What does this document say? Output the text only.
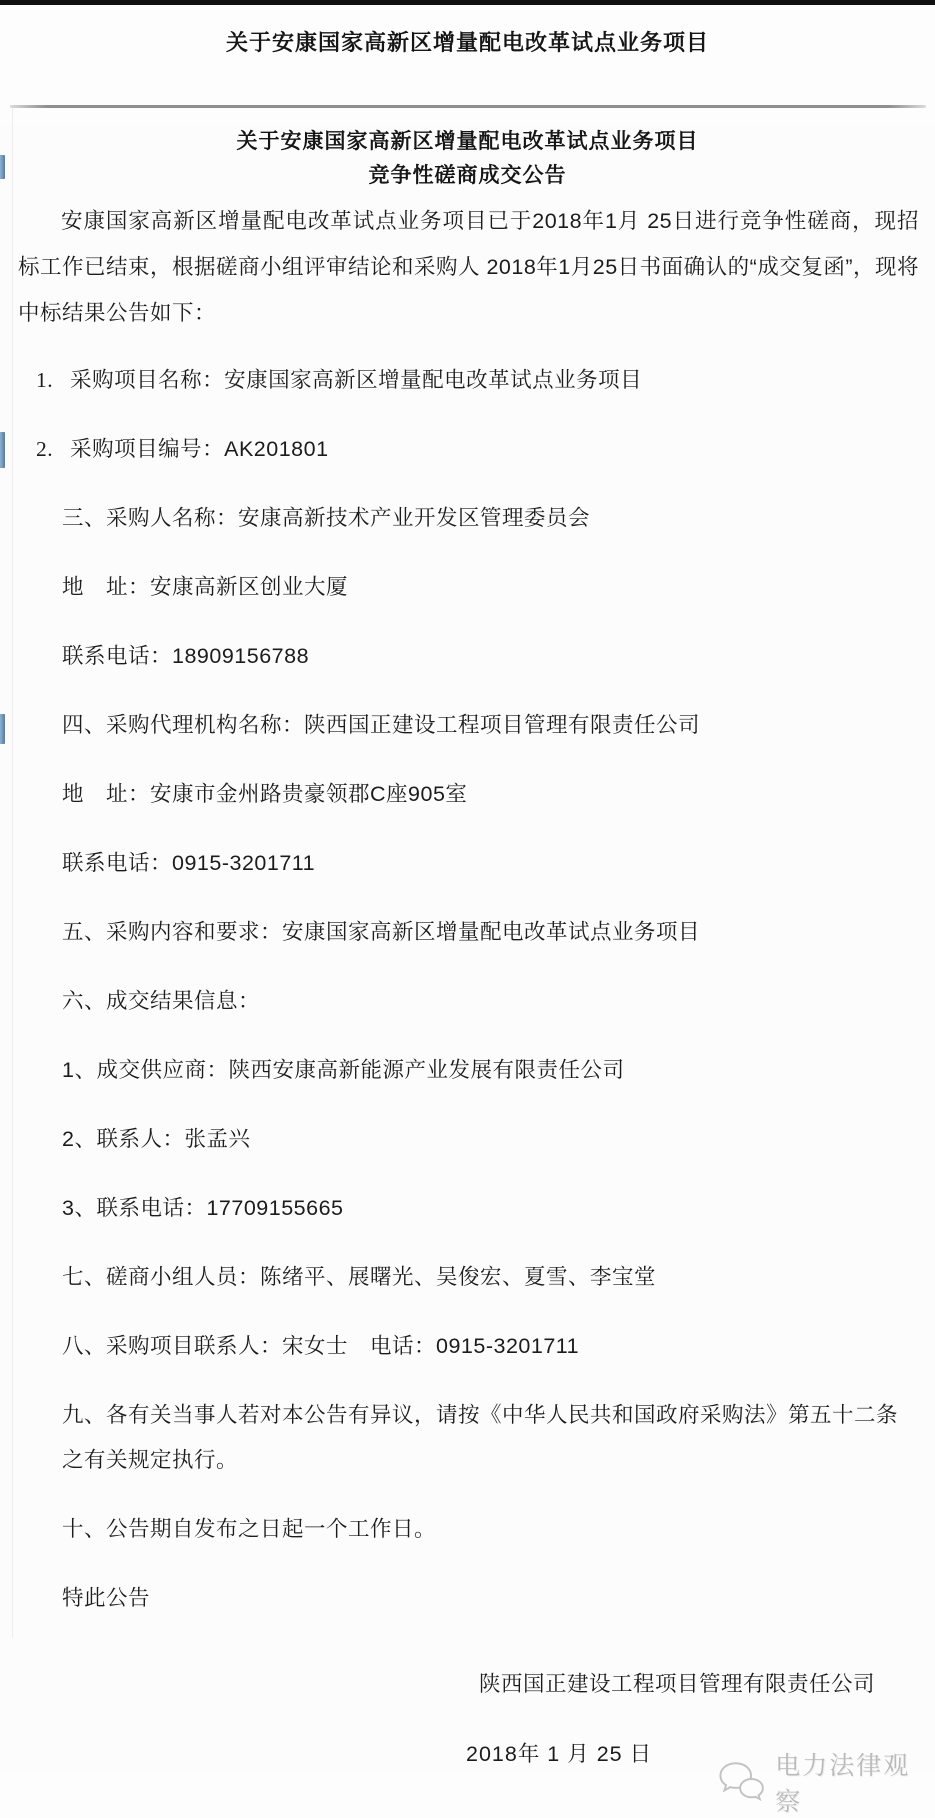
关于安康国家高新区增量配电改革试点业务项目
关于安康国家高新区增量配电改革试点业务项目
竞争性磋商成交公告
安康国家高新区增量配电改革试点业务项目已于2018年1月 25日进行竞争性磋商，现招标工作已结束，根据磋商小组评审结论和采购人 2018年1月25日书面确认的“成交复函”，现将中标结果公告如下：
1. 采购项目名称：安康国家高新区增量配电改革试点业务项目
2. 采购项目编号：AK201801
三、采购人名称：安康高新技术产业开发区管理委员会
地　址：安康高新区创业大厦
联系电话：18909156788
四、采购代理机构名称：陕西国正建设工程项目管理有限责任公司
地　址：安康市金州路贵豪领郡C座905室
联系电话：0915-3201711
五、采购内容和要求：安康国家高新区增量配电改革试点业务项目
六、成交结果信息：
1、成交供应商：陕西安康高新能源产业发展有限责任公司
2、联系人：张孟兴
3、联系电话：17709155665
七、磋商小组人员：陈绪平、展曙光、吴俊宏、夏雪、李宝堂
八、采购项目联系人：宋女士　电话：0915-3201711
九、各有关当事人若对本公告有异议，请按《中华人民共和国政府采购法》第五十二条之有关规定执行。
十、公告期自发布之日起一个工作日。
特此公告
陕西国正建设工程项目管理有限责任公司
2018年 1 月 25 日	电力法律观察
